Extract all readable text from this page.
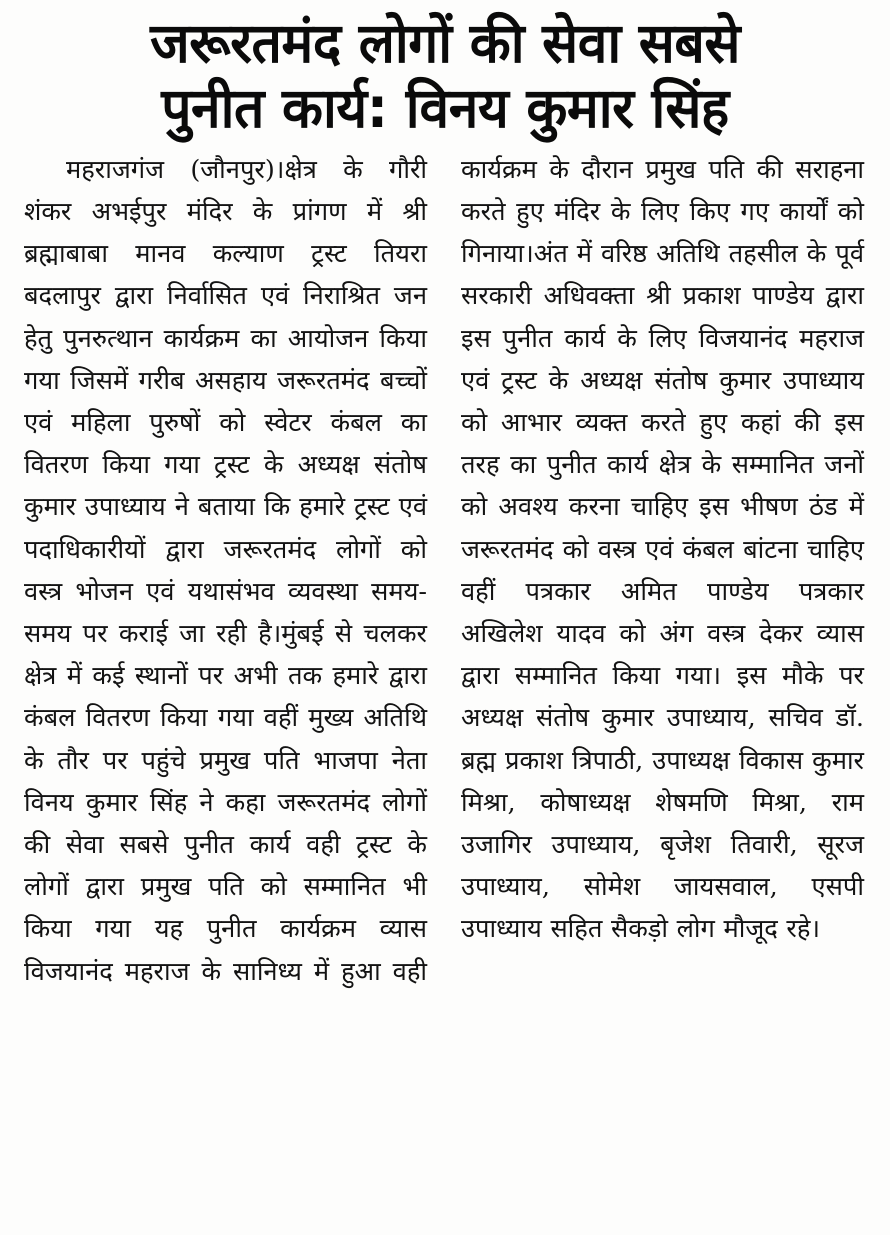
जरूरतमंद लोगों की सेवा सबसे
पुनीत कार्य: विनय कुमार सिंह

महराजगंज (जौनपुर)।क्षेत्र के गौरी शंकर अभईपुर मंदिर के प्रांगण में श्री ब्रह्माबाबा मानव कल्याण ट्रस्ट तियरा बदलापुर द्वारा निर्वासित एवं निराश्रित जन हेतु पुनरुत्थान कार्यक्रम का आयोजन किया गया जिसमें गरीब असहाय जरूरतमंद बच्चों एवं महिला पुरुषों को स्वेटर कंबल का वितरण किया गया ट्रस्ट के अध्यक्ष संतोष कुमार उपाध्याय ने बताया कि हमारे ट्रस्ट एवं पदाधिकारीयों द्वारा जरूरतमंद लोगों को वस्त्र भोजन एवं यथासंभव व्यवस्था समय-समय पर कराई जा रही है।मुंबई से चलकर क्षेत्र में कई स्थानों पर अभी तक हमारे द्वारा कंबल वितरण किया गया वहीं मुख्य अतिथि के तौर पर पहुंचे प्रमुख पति भाजपा नेता विनय कुमार सिंह ने कहा जरूरतमंद लोगों की सेवा सबसे पुनीत कार्य वही ट्रस्ट के लोगों द्वारा प्रमुख पति को सम्मानित भी किया गया यह पुनीत कार्यक्रम व्यास विजयानंद महराज के सानिध्य में हुआ वही

कार्यक्रम के दौरान प्रमुख पति की सराहना करते हुए मंदिर के लिए किए गए कार्यों को गिनाया।अंत में वरिष्ठ अतिथि तहसील के पूर्व सरकारी अधिवक्ता श्री प्रकाश पाण्डेय द्वारा इस पुनीत कार्य के लिए विजयानंद महराज एवं ट्रस्ट के अध्यक्ष संतोष कुमार उपाध्याय को आभार व्यक्त करते हुए कहां की इस तरह का पुनीत कार्य क्षेत्र के सम्मानित जनों को अवश्य करना चाहिए इस भीषण ठंड में जरूरतमंद को वस्त्र एवं कंबल बांटना चाहिए वहीं पत्रकार अमित पाण्डेय पत्रकार अखिलेश यादव को अंग वस्त्र देकर व्यास द्वारा सम्मानित किया गया। इस मौके पर अध्यक्ष संतोष कुमार उपाध्याय, सचिव डॉ. ब्रह्म प्रकाश त्रिपाठी, उपाध्यक्ष विकास कुमार मिश्रा, कोषाध्यक्ष शेषमणि मिश्रा, राम उजागिर उपाध्याय, बृजेश तिवारी, सूरज उपाध्याय, सोमेश जायसवाल, एसपी उपाध्याय सहित सैकड़ो लोग मौजूद रहे।
